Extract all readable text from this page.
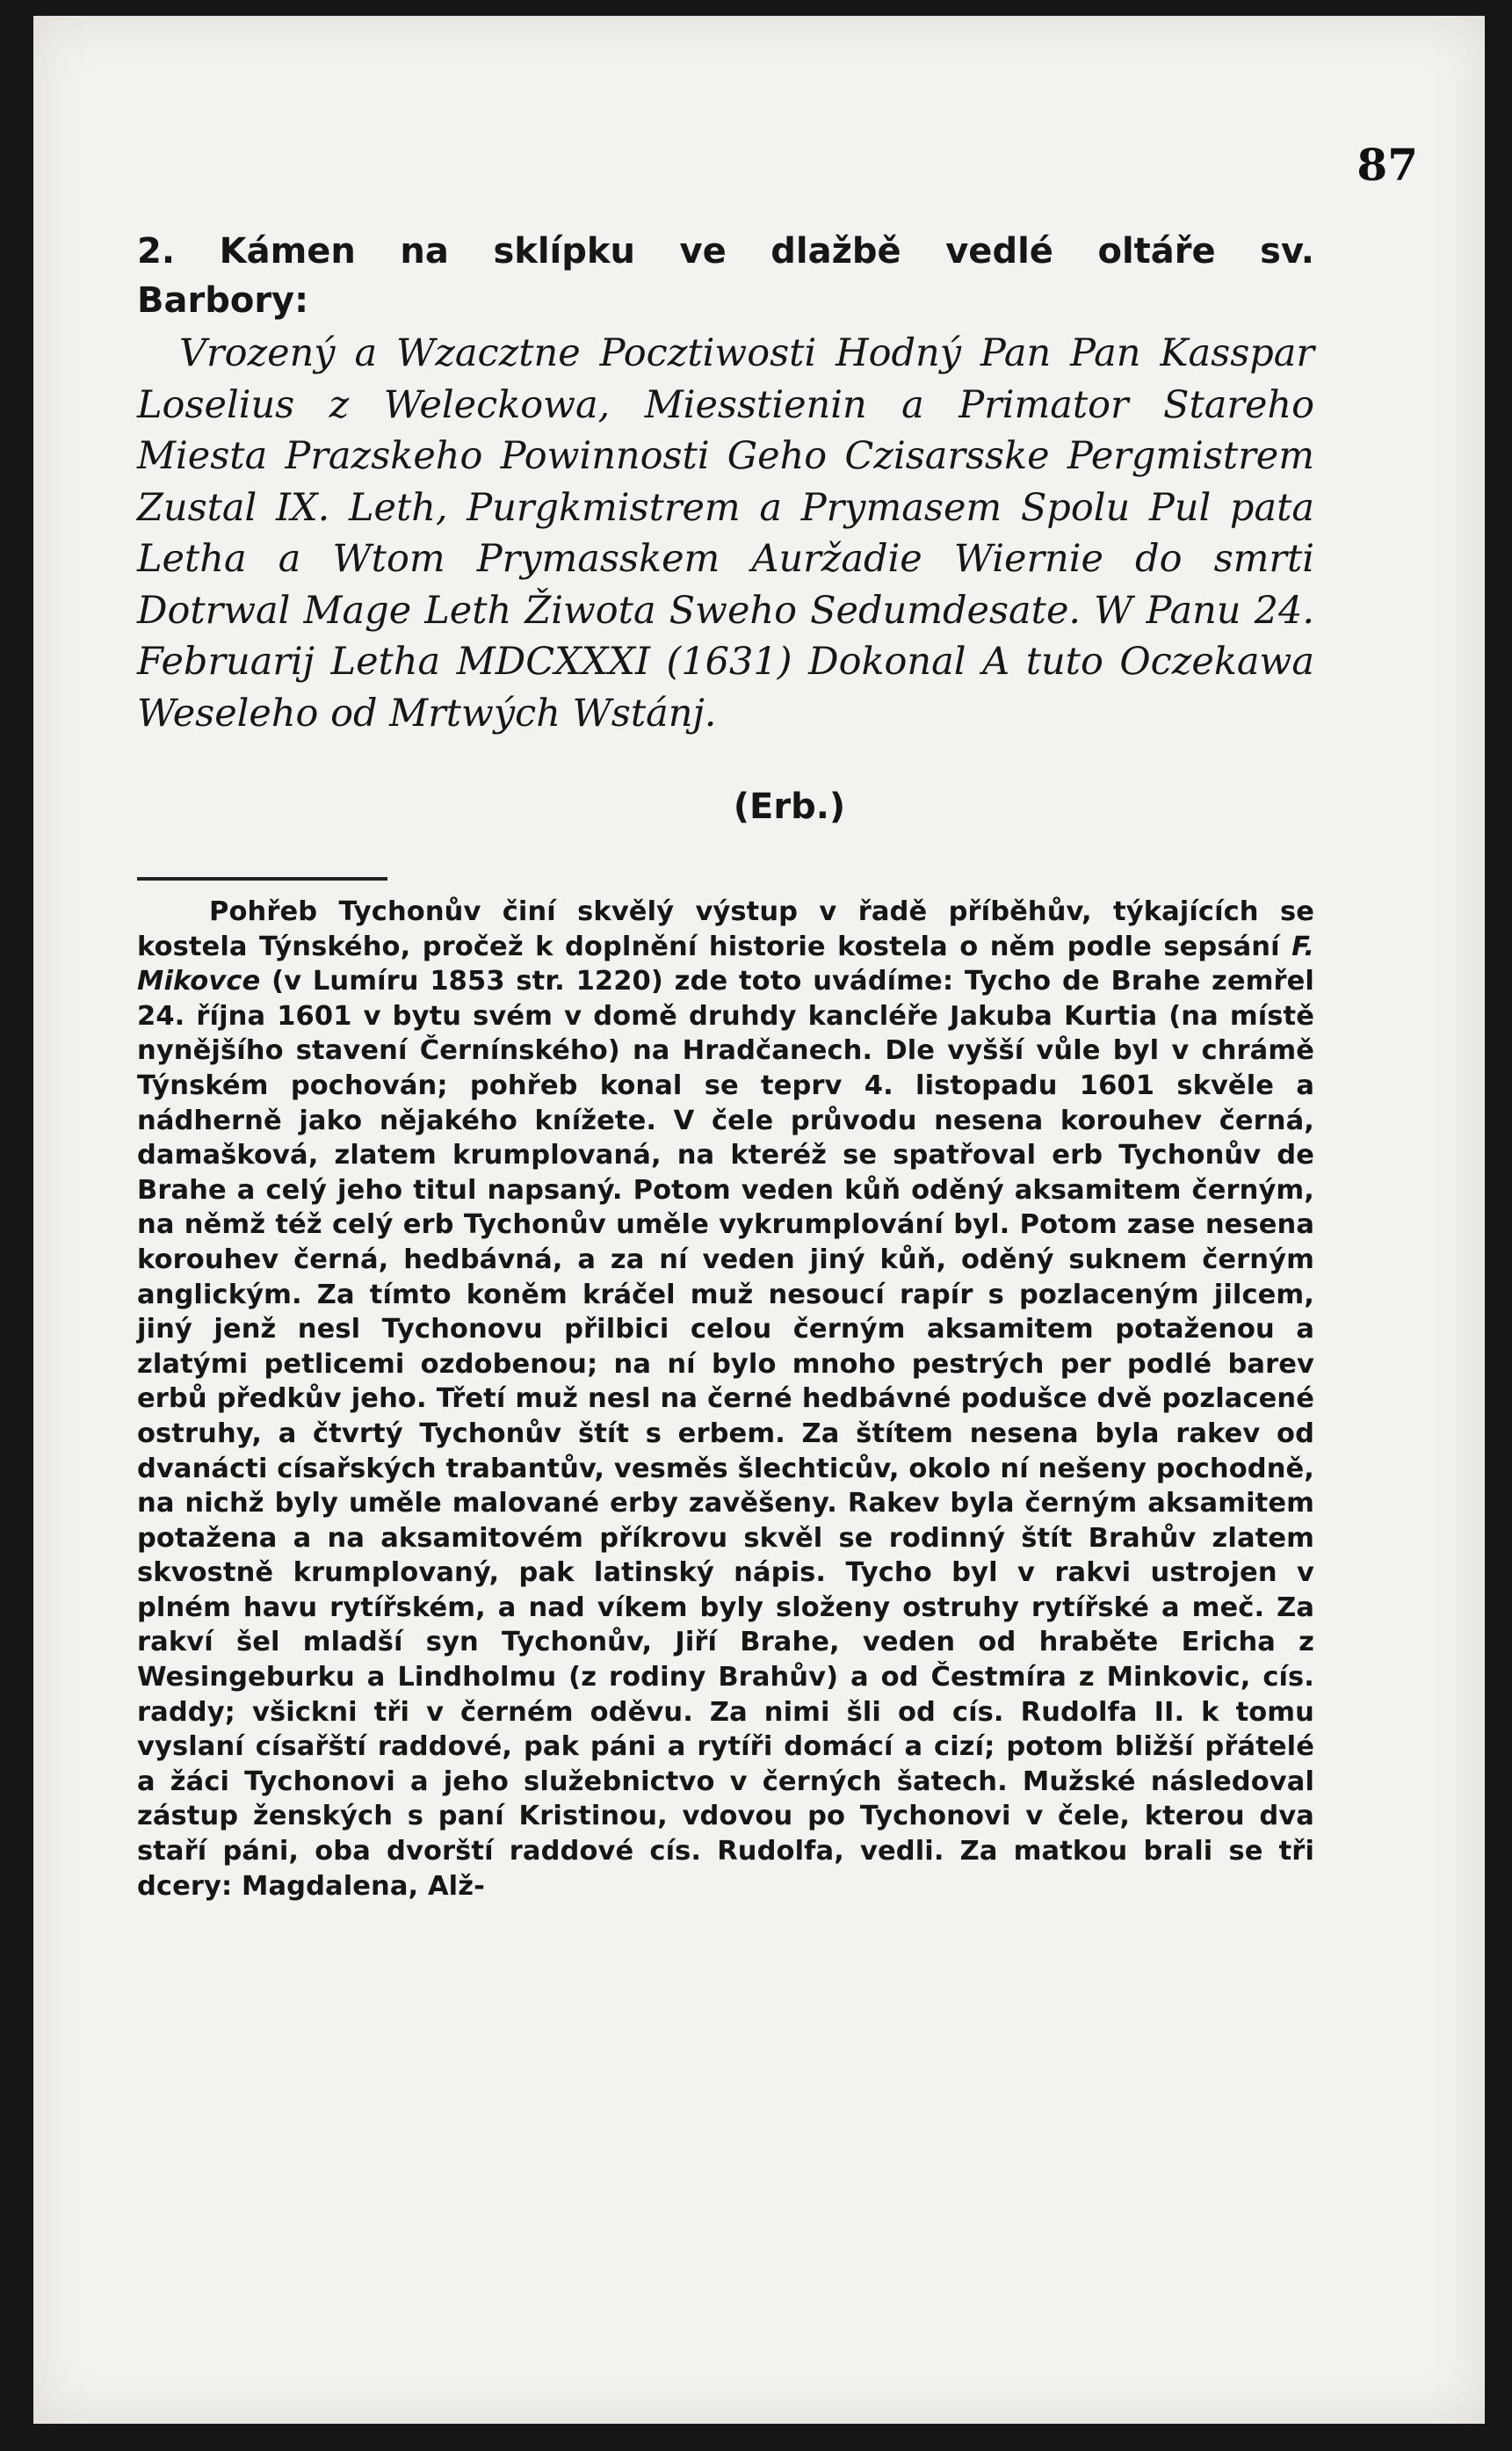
87
2. Kámen na sklípku ve dlažbě vedlé oltáře sv.
Barbory:
Vrozený a Wzacztne Pocztiwosti Hodný Pan Pan Kasspar Loselius z Weleckowa, Miesstienin a Primator Stareho Miesta Prazskeho Powinnosti Geho Czisarsske Pergmistrem Zustal IX. Leth, Purgkmistrem a Prymasem Spolu Pul pata Letha a Wtom Prymasskem Auržadie Wiernie do smrti Dotrwal Mage Leth Žiwota Sweho Sedumdesate. W Panu 24. Februarij Letha MDCXXXI (1631) Dokonal A tuto Oczekawa Weseleho od Mrtwých Wstánj.
(Erb.)
Pohřeb Tychonův činí skvělý výstup v řadě příběhův, týkajících se kostela Týnského, pročež k doplnění historie kostela o něm podle sepsání F. Mikovce (v Lumíru 1853 str. 1220) zde toto uvádíme: Tycho de Brahe zemřel 24. října 1601 v bytu svém v domě druhdy kancléře Jakuba Kurtia (na místě nynějšího stavení Černínského) na Hradčanech. Dle vyšší vůle byl v chrámě Týnském pochován; pohřeb konal se teprv 4. listopadu 1601 skvěle a nádherně jako nějakého knížete. V čele průvodu nesena korouhev černá, damašková, zlatem krumplovaná, na kteréž se spatřoval erb Tychonův de Brahe a celý jeho titul napsaný. Potom veden kůň oděný aksamitem černým, na němž též celý erb Tychonův uměle vykrumplování byl. Potom zase nesena korouhev černá, hedbávná, a za ní veden jiný kůň, oděný suknem černým anglickým. Za tímto koněm kráčel muž nesoucí rapír s pozlaceným jilcem, jiný jenž nesl Tychonovu přilbici celou černým aksamitem potaženou a zlatými petlicemi ozdobenou; na ní bylo mnoho pestrých per podlé barev erbů předkův jeho. Třetí muž nesl na černé hedbávné podušce dvě pozlacené ostruhy, a čtvrtý Tychonův štít s erbem. Za štítem nesena byla rakev od dvanácti císařských trabantův, vesměs šlechticův, okolo ní nešeny pochodně, na nichž byly uměle malované erby zavěšeny. Rakev byla černým aksamitem potažena a na aksamitovém příkrovu skvěl se rodinný štít Brahův zlatem skvostně krumplovaný, pak latinský nápis. Tycho byl v rakvi ustrojen v plném havu rytířském, a nad víkem byly složeny ostruhy rytířské a meč. Za rakví šel mladší syn Tychonův, Jiří Brahe, veden od hraběte Ericha z Wesingeburku a Lindholmu (z rodiny Brahův) a od Čestmíra z Minkovic, cís. raddy; všickni tři v černém oděvu. Za nimi šli od cís. Rudolfa II. k tomu vyslaní císařští raddové, pak páni a rytíři domácí a cizí; potom bližší přátelé a žáci Tychonovi a jeho služebnictvo v černých šatech. Mužské následoval zástup ženských s paní Kristinou, vdovou po Tychonovi v čele, kterou dva staří páni, oba dvorští raddové cís. Rudolfa, vedli. Za matkou brali se tři dcery: Magdalena, Alž-
